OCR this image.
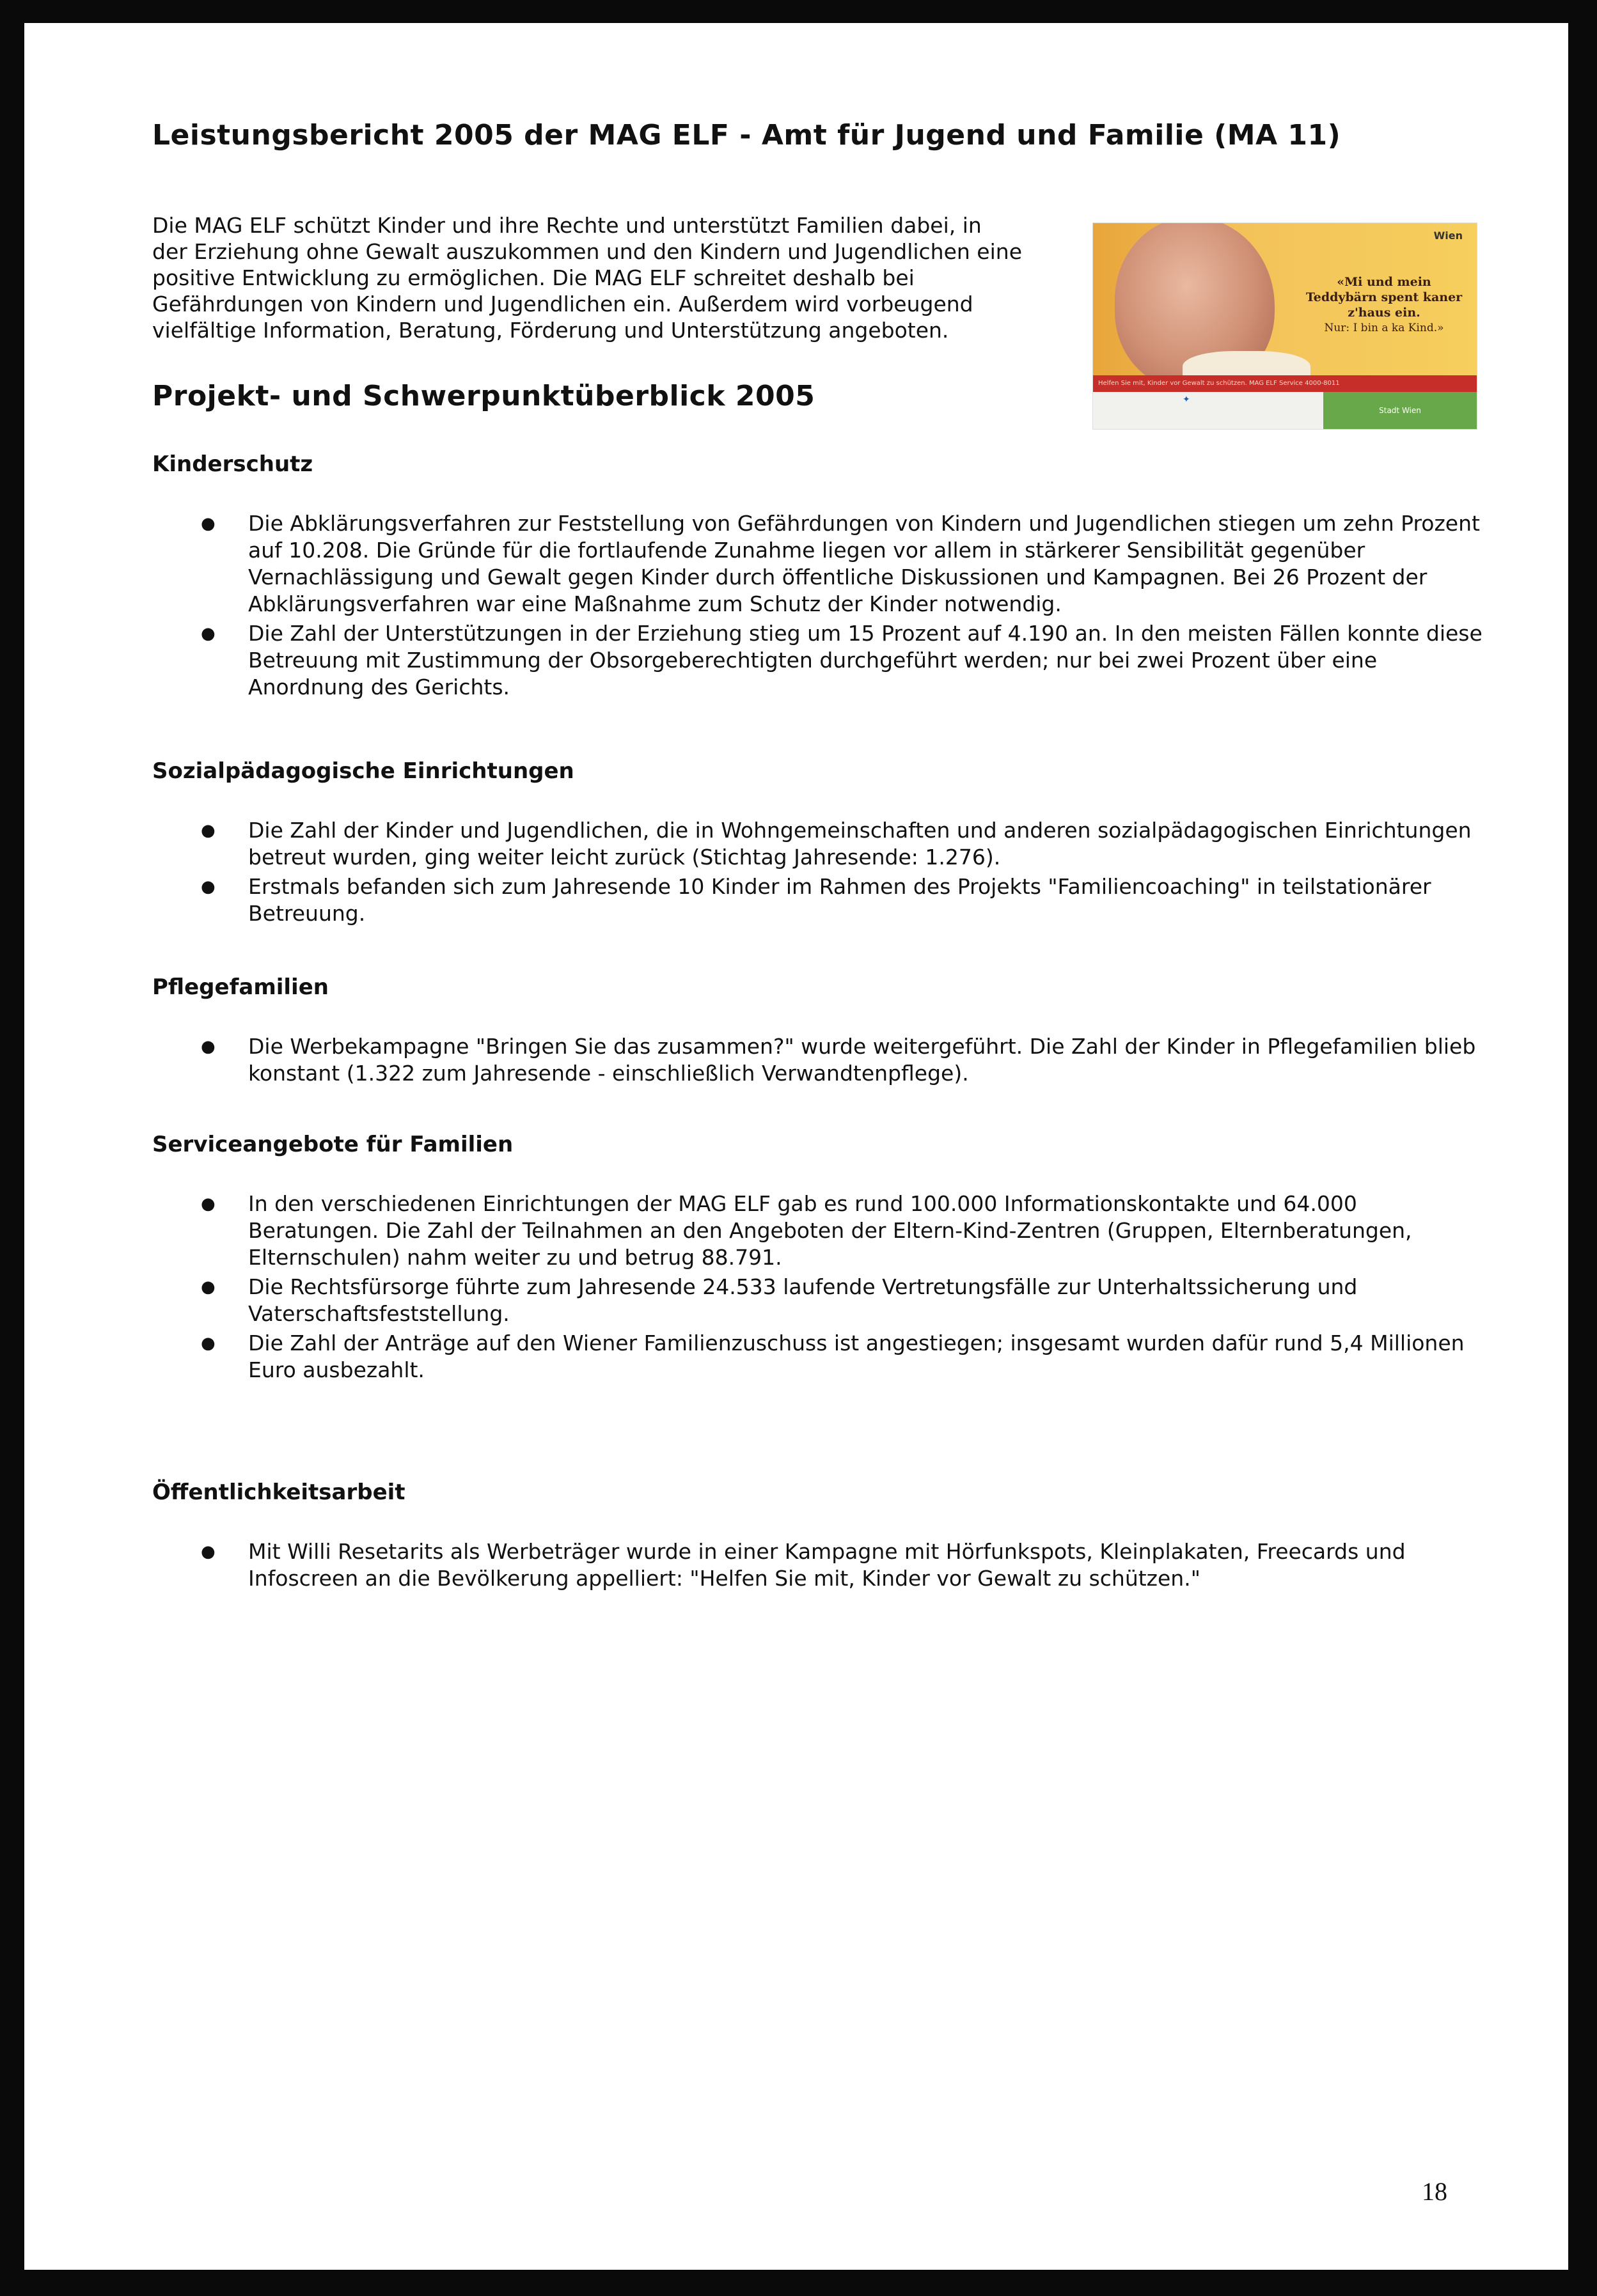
Leistungsbericht 2005 der MAG ELF - Amt für Jugend und Familie (MA 11)

Die MAG ELF schützt Kinder und ihre Rechte und unterstützt Familien dabei, in der Erziehung ohne Gewalt auszukommen und den Kindern und Jugendlichen eine positive Entwicklung zu ermöglichen. Die MAG ELF schreitet deshalb bei Gefährdungen von Kindern und Jugendlichen ein. Außerdem wird vorbeugend vielfältige Information, Beratung, Förderung und Unterstützung angeboten.

Wien
«Mi und mein Teddybärn spent kaner z'haus ein.
Nur: I bin a ka Kind.»
Helfen Sie mit, Kinder vor Gewalt zu schützen. MAG ELF Service 4000-8011
✦
Stadt Wien
Projekt- und Schwerpunktüberblick 2005
Kinderschutz
● Die Abklärungsverfahren zur Feststellung von Gefährdungen von Kindern und Jugendlichen stiegen um zehn Prozent auf 10.208. Die Gründe für die fortlaufende Zunahme liegen vor allem in stärkerer Sensibilität gegenüber Vernachlässigung und Gewalt gegen Kinder durch öffentliche Diskussionen und Kampagnen. Bei 26 Prozent der Abklärungsverfahren war eine Maßnahme zum Schutz der Kinder notwendig.
● Die Zahl der Unterstützungen in der Erziehung stieg um 15 Prozent auf 4.190 an. In den meisten Fällen konnte diese Betreuung mit Zustimmung der Obsorgeberechtigten durchgeführt werden; nur bei zwei Prozent über eine Anordnung des Gerichts.
Sozialpädagogische Einrichtungen
● Die Zahl der Kinder und Jugendlichen, die in Wohngemeinschaften und anderen sozialpädagogischen Einrichtungen betreut wurden, ging weiter leicht zurück (Stichtag Jahresende: 1.276).
● Erstmals befanden sich zum Jahresende 10 Kinder im Rahmen des Projekts "Familiencoaching" in teilstationärer Betreuung.
Pflegefamilien
● Die Werbekampagne "Bringen Sie das zusammen?" wurde weitergeführt. Die Zahl der Kinder in Pflegefamilien blieb konstant (1.322 zum Jahresende - einschließlich Verwandtenpflege).
Serviceangebote für Familien
● In den verschiedenen Einrichtungen der MAG ELF gab es rund 100.000 Informationskontakte und 64.000 Beratungen. Die Zahl der Teilnahmen an den Angeboten der Eltern-Kind-Zentren (Gruppen, Elternberatungen, Elternschulen) nahm weiter zu und betrug 88.791.
● Die Rechtsfürsorge führte zum Jahresende 24.533 laufende Vertretungsfälle zur Unterhaltssicherung und Vaterschaftsfeststellung.
● Die Zahl der Anträge auf den Wiener Familienzuschuss ist angestiegen; insgesamt wurden dafür rund 5,4 Millionen Euro ausbezahlt.
Öffentlichkeitsarbeit
● Mit Willi Resetarits als Werbeträger wurde in einer Kampagne mit Hörfunkspots, Kleinplakaten, Freecards und Infoscreen an die Bevölkerung appelliert: "Helfen Sie mit, Kinder vor Gewalt zu schützen."
18
